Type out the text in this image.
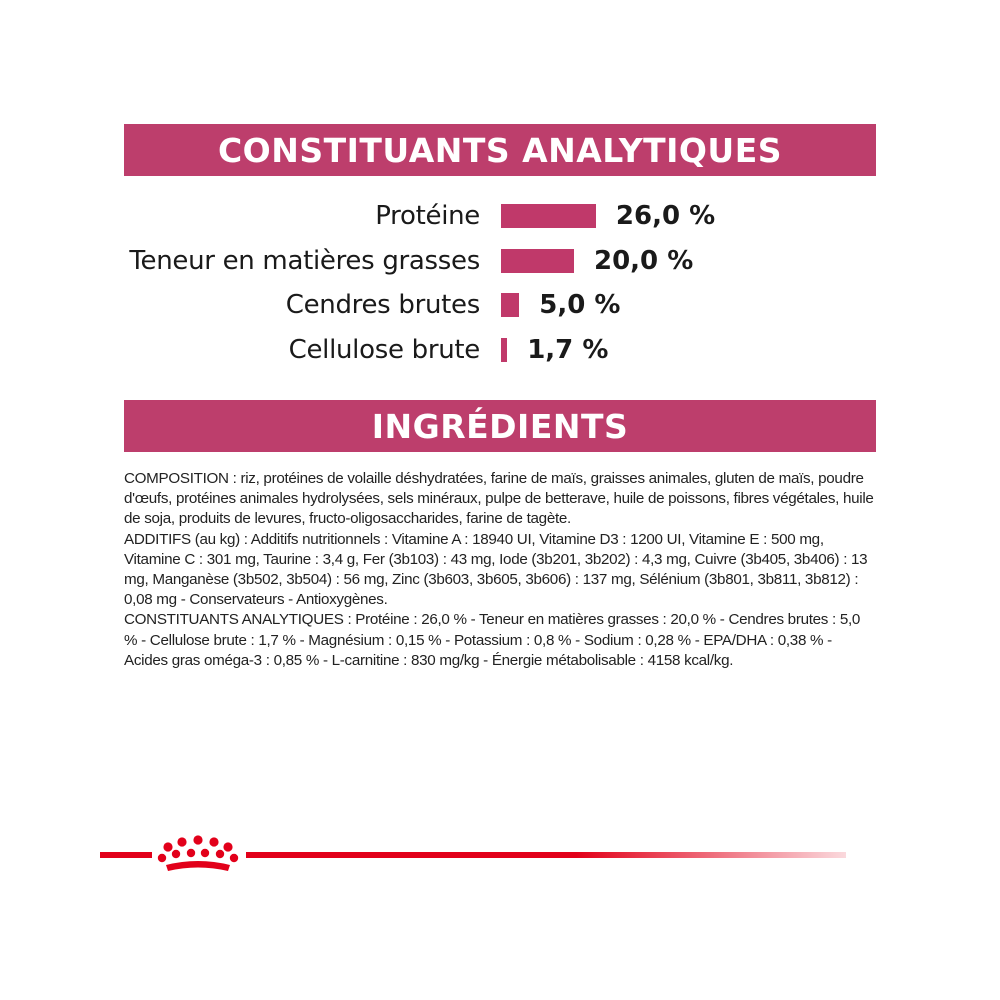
CONSTITUANTS ANALYTIQUES
Protéine	26,0 %
Teneur en matières grasses	20,0 %
Cendres brutes 5,0 %
Cellulose brute 1,7 %
INGRÉDIENTS

COMPOSITION : riz, protéines de volaille déshydratées, farine de maïs, graisses animales, gluten de maïs, poudre d'œufs, protéines animales hydrolysées, sels minéraux, pulpe de betterave, huile de poissons, fibres végétales, huile de soja, produits de levures, fructo-oligosaccharides, farine de tagète.

ADDITIFS (au kg) : Additifs nutritionnels : Vitamine A : 18940 UI, Vitamine D3 : 1200 UI, Vitamine E : 500 mg, Vitamine C : 301 mg, Taurine : 3,4 g, Fer (3b103) : 43 mg, Iode (3b201, 3b202) : 4,3 mg, Cuivre (3b405, 3b406) : 13 mg, Manganèse (3b502, 3b504) : 56 mg, Zinc (3b603, 3b605, 3b606) : 137 mg, Sélénium (3b801, 3b811, 3b812) : 0,08 mg - Conservateurs - Antioxygènes.

CONSTITUANTS ANALYTIQUES : Protéine : 26,0 % - Teneur en matières grasses : 20,0 % - Cendres brutes : 5,0 % - Cellulose brute : 1,7 % - Magnésium : 0,15 % - Potassium : 0,8 % - Sodium : 0,28 % - EPA/DHA : 0,38 % - Acides gras oméga-3 : 0,85 % - L-carnitine : 830 mg/kg - Énergie métabolisable : 4158 kcal/kg.
